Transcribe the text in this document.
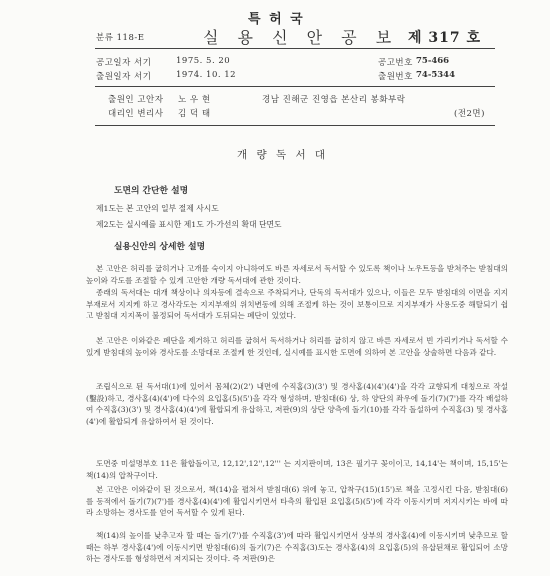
특 허 국
실 용 신 안 공 보
분류 118-E	제 317 호
공고일자 서기	1975. 5. 20	공고번호 75-466
출원일자 서기	1974. 10. 12	출원번호 74-5344
출원인 고안자 노 우 현	경남 진해군 진영읍 본산리 봉화부락
대리인 변리사 김 덕 태	(전2면)
개 량 독 서 대
도면의 간단한 설명
제1도는 본 고안의 일부 절제 사시도
제2도는 실시예를 표시한 제1도 가-가선의 확대 단면도
실용신안의 상세한 설명
본 고안은 허리를 굽히거나 고개를 숙이지 아니하여도 바른 자세로서 독서할 수 있도록 책이나 노우트등을 받쳐주는 받침대의 높이와 각도를 조절할 수 있게 고안한 개량 독서대에 관한 것이다.
종래의 독서대는 대개 책상이나 의자등에 결속으로 주착되거나, 단독의 독서대가 있으나, 이들은 모두 받침대의 이면을 지지부재로서 지지케 하고 경사각도는 지지부재의 위치변동에 의해 조절케 하는 것이 보통이므로 지지부재가 사용도중 해탈되기 쉽고 받침대 지지폭이 불정되어 독서대가 도뒤되는 폐단이 있었다.
본 고안은 이와같은 폐단을 제거하고 허리를 굽혀서 독서하거나 허리를 굽히지 않고 바른 자세로서 빈 가리키거나 독서할 수 있게 받침대의 높이와 경사도를 소망대로 조절케 한 것인데, 실시예를 표시한 도면에 의하여 본 고안을 상술하면 다음과 같다.
조립식으로 된 독서대(1)에 있어서 몸체(2)(2') 내면에 수직홈(3)(3') 및 경사홈(4)(4')(4')을 각각 교향되게 대칭으로 작설(鑿設)하고, 경사홈(4)(4')에 다수의 요입홈(5)(5')을 각각 형성하며, 받침대(6) 상, 하 양단의 좌우에 돌기(7)(7')를 각각 배설하여 수직홈(3)(3') 및 경사홈(4)(4')에 활합되게 유삽하고, 저판(9)의 상단 양측에 돌기(10)를 각각 돌설하여 수직홈(3) 및 경사홈(4')에 활합되게 유삽하여서 된 것이다.
도면중 미설명부호 11은 활합돌이고, 12,12',12'',12''' 는 지지판이며, 13은 필기구 꽂이이고, 14,14'는 책이며, 15,15'는 책(14)의 압착구이다.
본 고안은 이와같이 된 것으로서, 책(14)을 펼쳐서 받침대(6) 위에 놓고, 압착구(15)(15')로 책을 고정시킨 다음, 받침대(6)를 동적에서 돌기(7)(7')를 경사홈(4)(4')에 활입시키면서 타측의 활입된 요입홈(5)(5')에 각각 이동시키며 저지시키는 바에 따라 소망하는 경사도를 얻어 독서할 수 있게 된다.
책(14)의 높이를 낮추고자 할 때는 돌기(7')를 수직홈(3')에 따라 활입시키면서 상부의 경사홈(4)에 이동시키며 낮추므로 할 때는 하부 경사홈(4')에 이동시키면 받침대(6)의 돌기(7)은 수직홈(3)도는 경사홈(4)의 요입홈(5)의 유삽된채로 활입되어 소망하는 경사도를 형성하면서 저지되는 것이다. 즉 저판(9)은
